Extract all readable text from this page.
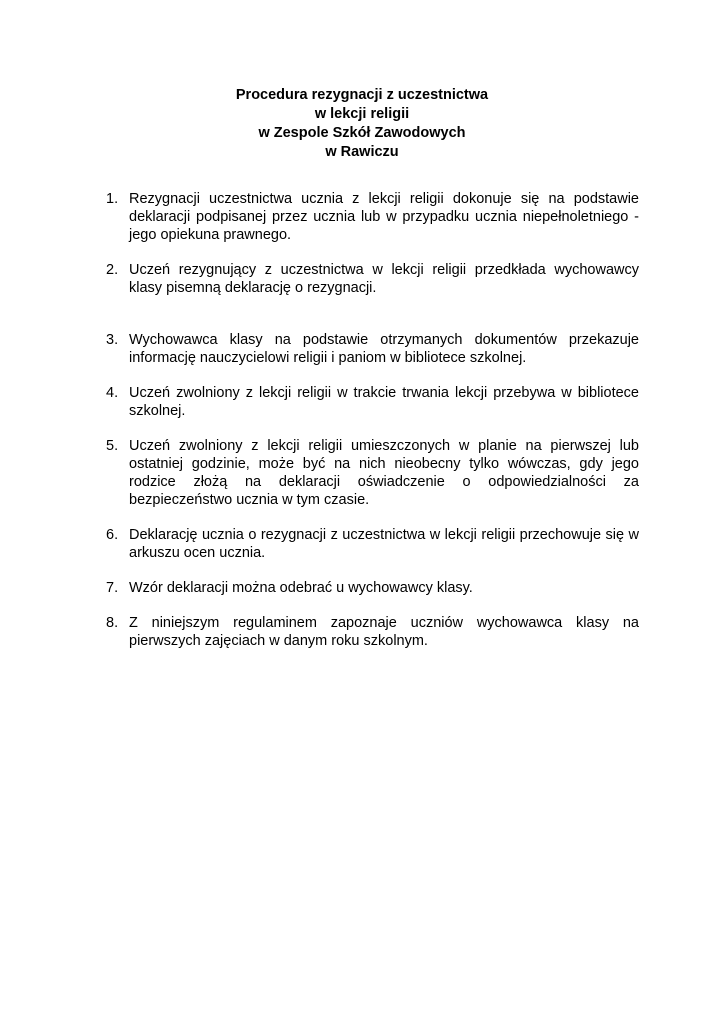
Procedura rezygnacji z uczestnictwa
w lekcji religii
w Zespole Szkół Zawodowych
w Rawiczu
1. Rezygnacji uczestnictwa ucznia z lekcji religii dokonuje się na podstawie deklaracji podpisanej przez ucznia lub w przypadku ucznia niepełnoletniego - jego opiekuna prawnego.
2. Uczeń rezygnujący z uczestnictwa w lekcji religii przedkłada wychowawcy klasy pisemną deklarację o rezygnacji.
3. Wychowawca klasy na podstawie otrzymanych dokumentów przekazuje informację nauczycielowi religii i paniom w bibliotece szkolnej.
4. Uczeń zwolniony z lekcji religii w trakcie trwania lekcji przebywa w bibliotece szkolnej.
5. Uczeń zwolniony z lekcji religii umieszczonych w planie na pierwszej lub ostatniej godzinie, może być na nich nieobecny tylko wówczas, gdy jego rodzice złożą na deklaracji oświadczenie o odpowiedzialności za bezpieczeństwo ucznia w tym czasie.
6. Deklarację ucznia o rezygnacji z uczestnictwa w lekcji religii przechowuje się w arkuszu ocen ucznia.
7. Wzór deklaracji można odebrać u wychowawcy klasy.
8. Z niniejszym regulaminem zapoznaje uczniów wychowawca klasy na pierwszych zajęciach w danym roku szkolnym.
